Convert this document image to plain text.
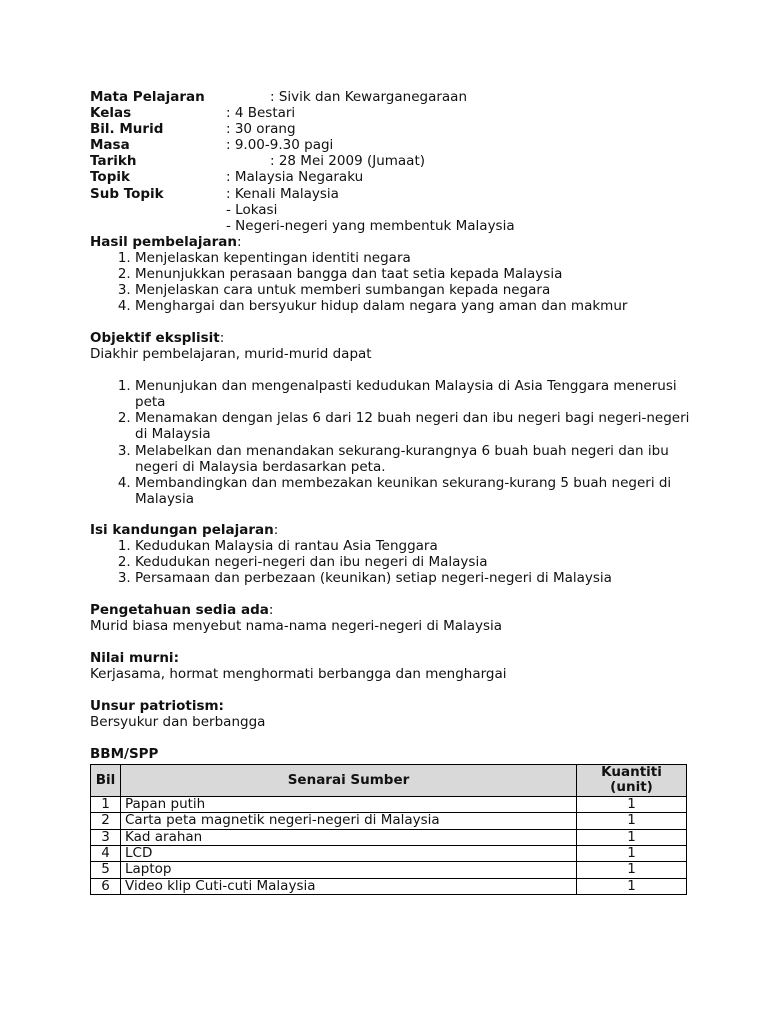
Mata Pelajaran	: Sivik dan Kewarganegaraan
Kelas	: 4 Bestari
Bil. Murid	: 30 orang
Masa	: 9.00-9.30 pagi
Tarikh	: 28 Mei 2009 (Jumaat)
Topik	: Malaysia Negaraku
Sub Topik	: Kenali Malaysia
- Lokasi
- Negeri-negeri yang membentuk Malaysia
Hasil pembelajaran:
1. Menjelaskan kepentingan identiti negara
2. Menunjukkan perasaan bangga dan taat setia kepada Malaysia
3. Menjelaskan cara untuk memberi sumbangan kepada negara
4. Menghargai dan bersyukur hidup dalam negara yang aman dan makmur
Objektif eksplisit:
Diakhir pembelajaran, murid-murid dapat
1. Menunjukan dan mengenalpasti kedudukan Malaysia di Asia Tenggara menerusi peta
2. Menamakan dengan jelas 6 dari 12 buah negeri dan ibu negeri bagi negeri-negeri di Malaysia
3. Melabelkan dan menandakan sekurang-kurangnya 6 buah buah negeri dan ibu negeri di Malaysia berdasarkan peta.
4. Membandingkan dan membezakan keunikan sekurang-kurang 5 buah negeri di Malaysia
Isi kandungan pelajaran:
1. Kedudukan Malaysia di rantau Asia Tenggara
2. Kedudukan negeri-negeri dan ibu negeri di Malaysia
3. Persamaan dan perbezaan (keunikan) setiap negeri-negeri di Malaysia
Pengetahuan sedia ada:
Murid biasa menyebut nama-nama negeri-negeri di Malaysia
Nilai murni:
Kerjasama, hormat menghormati berbangga dan menghargai
Unsur patriotism:
Bersyukur dan berbangga
BBM/SPP
Bil	Senarai Sumber	Kuantiti (unit)
1	Papan putih	1
2	Carta peta magnetik negeri-negeri di Malaysia	1
3	Kad arahan	1
4	LCD	1
5	Laptop	1
6	Video klip Cuti-cuti Malaysia	1
